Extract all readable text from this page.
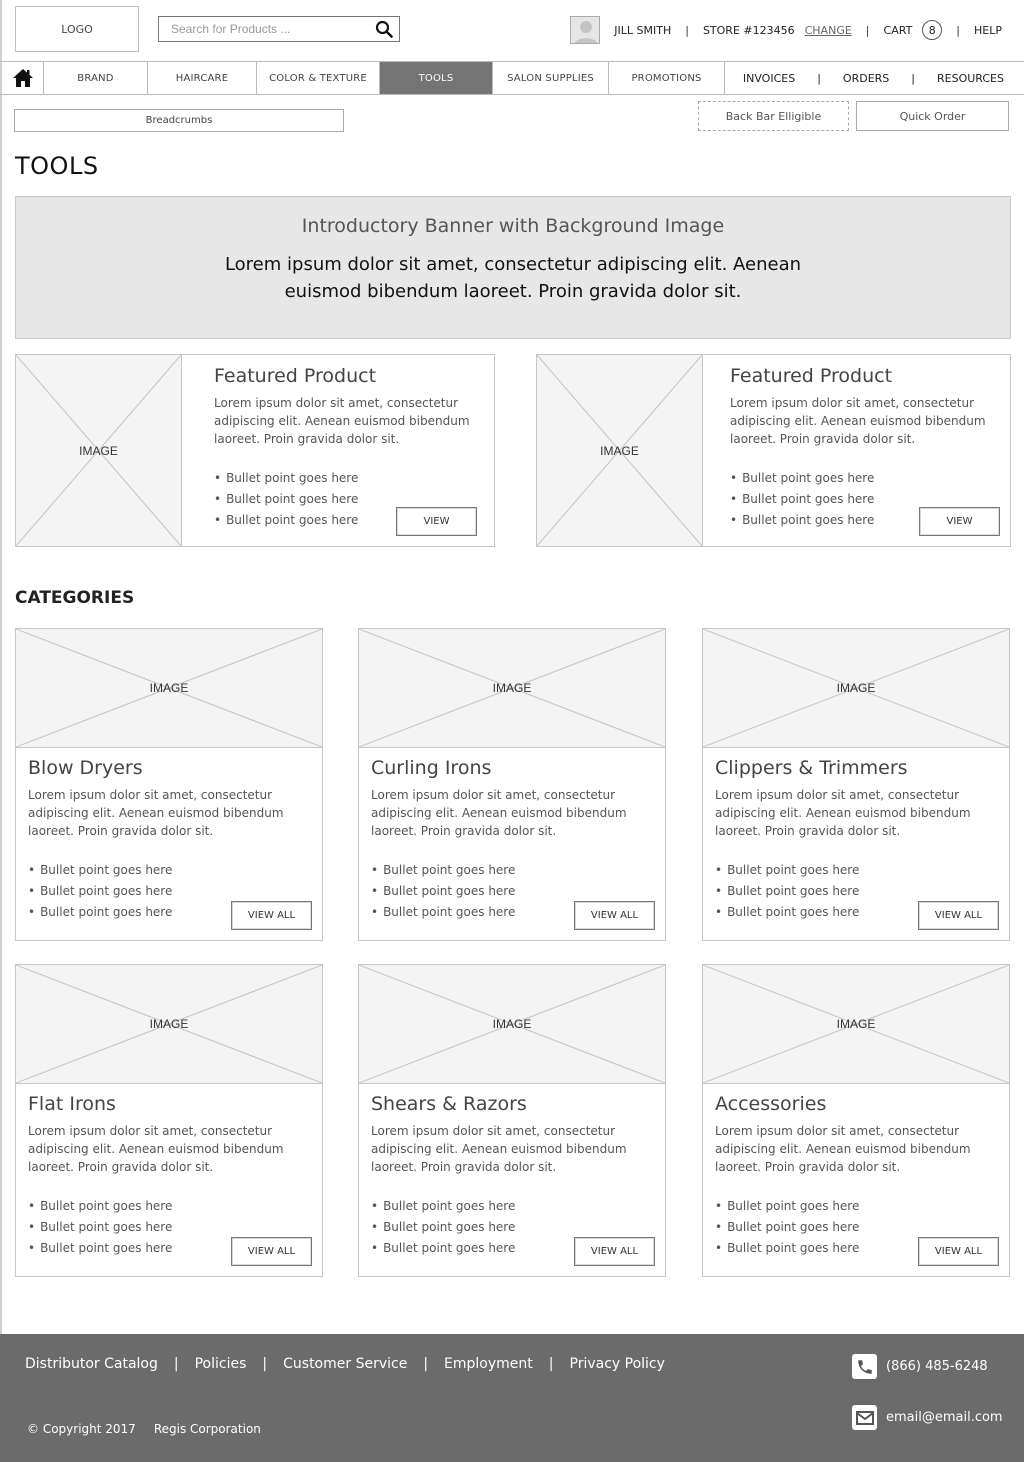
LOGO
Search for Products ...	JILL SMITH | STORE #123456 CHANGE | CART	8	| HELP
BRAND	HAIRCARE	COLOR & TEXTURE	TOOLS	SALON SUPPLIES	PROMOTIONS	INVOICES | ORDERS | RESOURCES
Breadcrumbs	Back Bar Elligible	Quick Order
TOOLS
Introductory Banner with Background Image
Lorem ipsum dolor sit amet, consectetur adipiscing elit. Aenean euismod bibendum laoreet. Proin gravida dolor sit.
IMAGE
Featured Product
Lorem ipsum dolor sit amet, consectetur adipiscing elit. Aenean euismod bibendum laoreet. Proin gravida dolor sit.
• Bullet point goes here
• Bullet point goes here
• Bullet point goes here	VIEW
IMAGE
Featured Product
Lorem ipsum dolor sit amet, consectetur adipiscing elit. Aenean euismod bibendum laoreet. Proin gravida dolor sit.
• Bullet point goes here
• Bullet point goes here
• Bullet point goes here	VIEW
CATEGORIES
IMAGE
Blow Dryers
Lorem ipsum dolor sit amet, consectetur adipiscing elit. Aenean euismod bibendum laoreet. Proin gravida dolor sit.
• Bullet point goes here
• Bullet point goes here
• Bullet point goes here	VIEW ALL
IMAGE
Curling Irons
Lorem ipsum dolor sit amet, consectetur adipiscing elit. Aenean euismod bibendum laoreet. Proin gravida dolor sit.
• Bullet point goes here
• Bullet point goes here
• Bullet point goes here	VIEW ALL
IMAGE
Clippers & Trimmers
Lorem ipsum dolor sit amet, consectetur adipiscing elit. Aenean euismod bibendum laoreet. Proin gravida dolor sit.
• Bullet point goes here
• Bullet point goes here
• Bullet point goes here	VIEW ALL
IMAGE
Flat Irons
Lorem ipsum dolor sit amet, consectetur adipiscing elit. Aenean euismod bibendum laoreet. Proin gravida dolor sit.
• Bullet point goes here
• Bullet point goes here
• Bullet point goes here	VIEW ALL
IMAGE
Shears & Razors
Lorem ipsum dolor sit amet, consectetur adipiscing elit. Aenean euismod bibendum laoreet. Proin gravida dolor sit.
• Bullet point goes here
• Bullet point goes here
• Bullet point goes here	VIEW ALL
IMAGE
Accessories
Lorem ipsum dolor sit amet, consectetur adipiscing elit. Aenean euismod bibendum laoreet. Proin gravida dolor sit.
• Bullet point goes here
• Bullet point goes here
• Bullet point goes here	VIEW ALL
Distributor Catalog | Policies | Customer Service | Employment | Privacy Policy
© Copyright 2017 Regis Corporation
(866) 485-6248
email@email.com
